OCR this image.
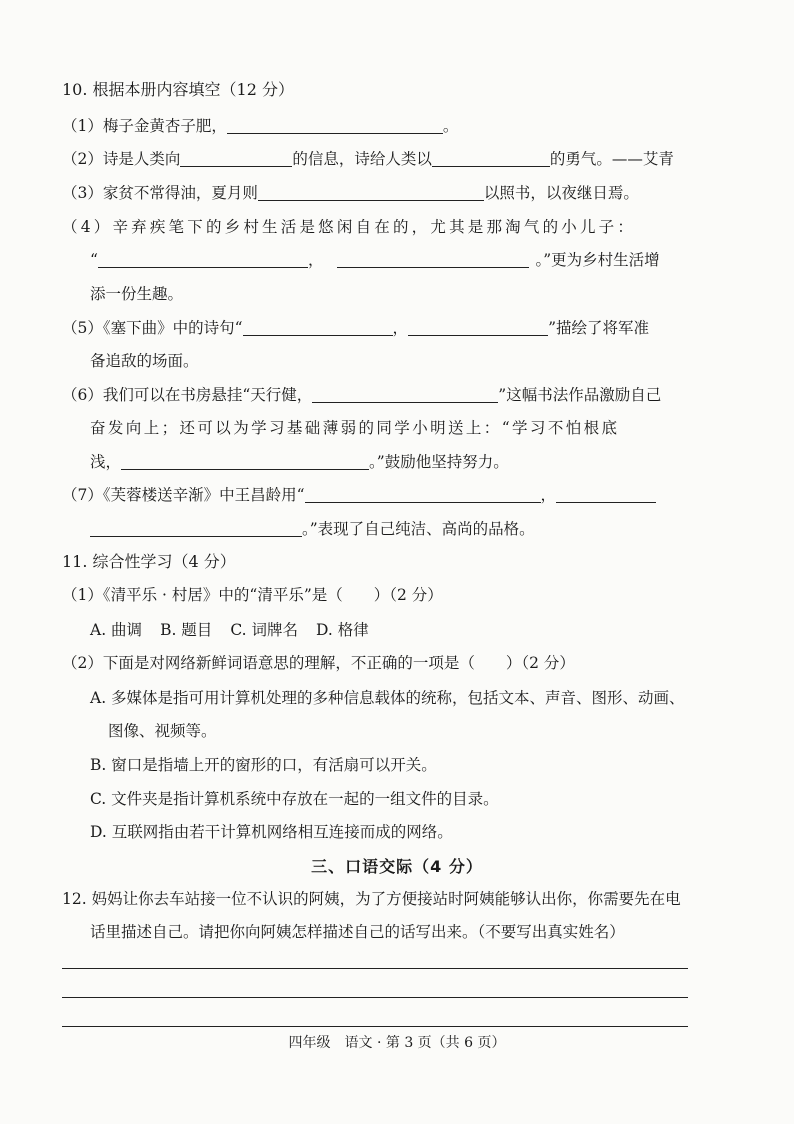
10. 根据本册内容填空（12 分）
（1）梅子金黄杏子肥，	。
（2）诗是人类向	的信息，诗给人类以	的勇气。——艾青
（3）家贫不常得油，夏月则	以照书，以夜继日焉。
（4）辛弃疾笔下的乡村生活是悠闲自在的，尤其是那淘气的小儿子：
“	，	。”更为乡村生活增
添一份生趣。
（5）《塞下曲》中的诗句“	，	”描绘了将军准
备追敌的场面。
（6）我们可以在书房悬挂“天行健，	”这幅书法作品激励自己
奋发向上；还可以为学习基础薄弱的同学小明送上：“学习不怕根底
浅，	。”鼓励他坚持努力。
（7）《芙蓉楼送辛渐》中王昌龄用“	，
。”表现了自己纯洁、高尚的品格。
11. 综合性学习（4 分）
（1）《清平乐 · 村居》中的“清平乐”是（　　）（2 分）
A. 曲调 B. 题目 C. 词牌名 D. 格律
（2）下面是对网络新鲜词语意思的理解，不正确的一项是（　　）（2 分）
A. 多媒体是指可用计算机处理的多种信息载体的统称，包括文本、声音、图形、动画、
图像、视频等。
B. 窗口是指墙上开的窗形的口，有活扇可以开关。
C. 文件夹是指计算机系统中存放在一起的一组文件的目录。
D. 互联网指由若干计算机网络相互连接而成的网络。
三、口语交际（4 分）
12. 妈妈让你去车站接一位不认识的阿姨，为了方便接站时阿姨能够认出你，你需要先在电
话里描述自己。请把你向阿姨怎样描述自己的话写出来。（不要写出真实姓名）
四年级　语文 · 第 3 页（共 6 页）
